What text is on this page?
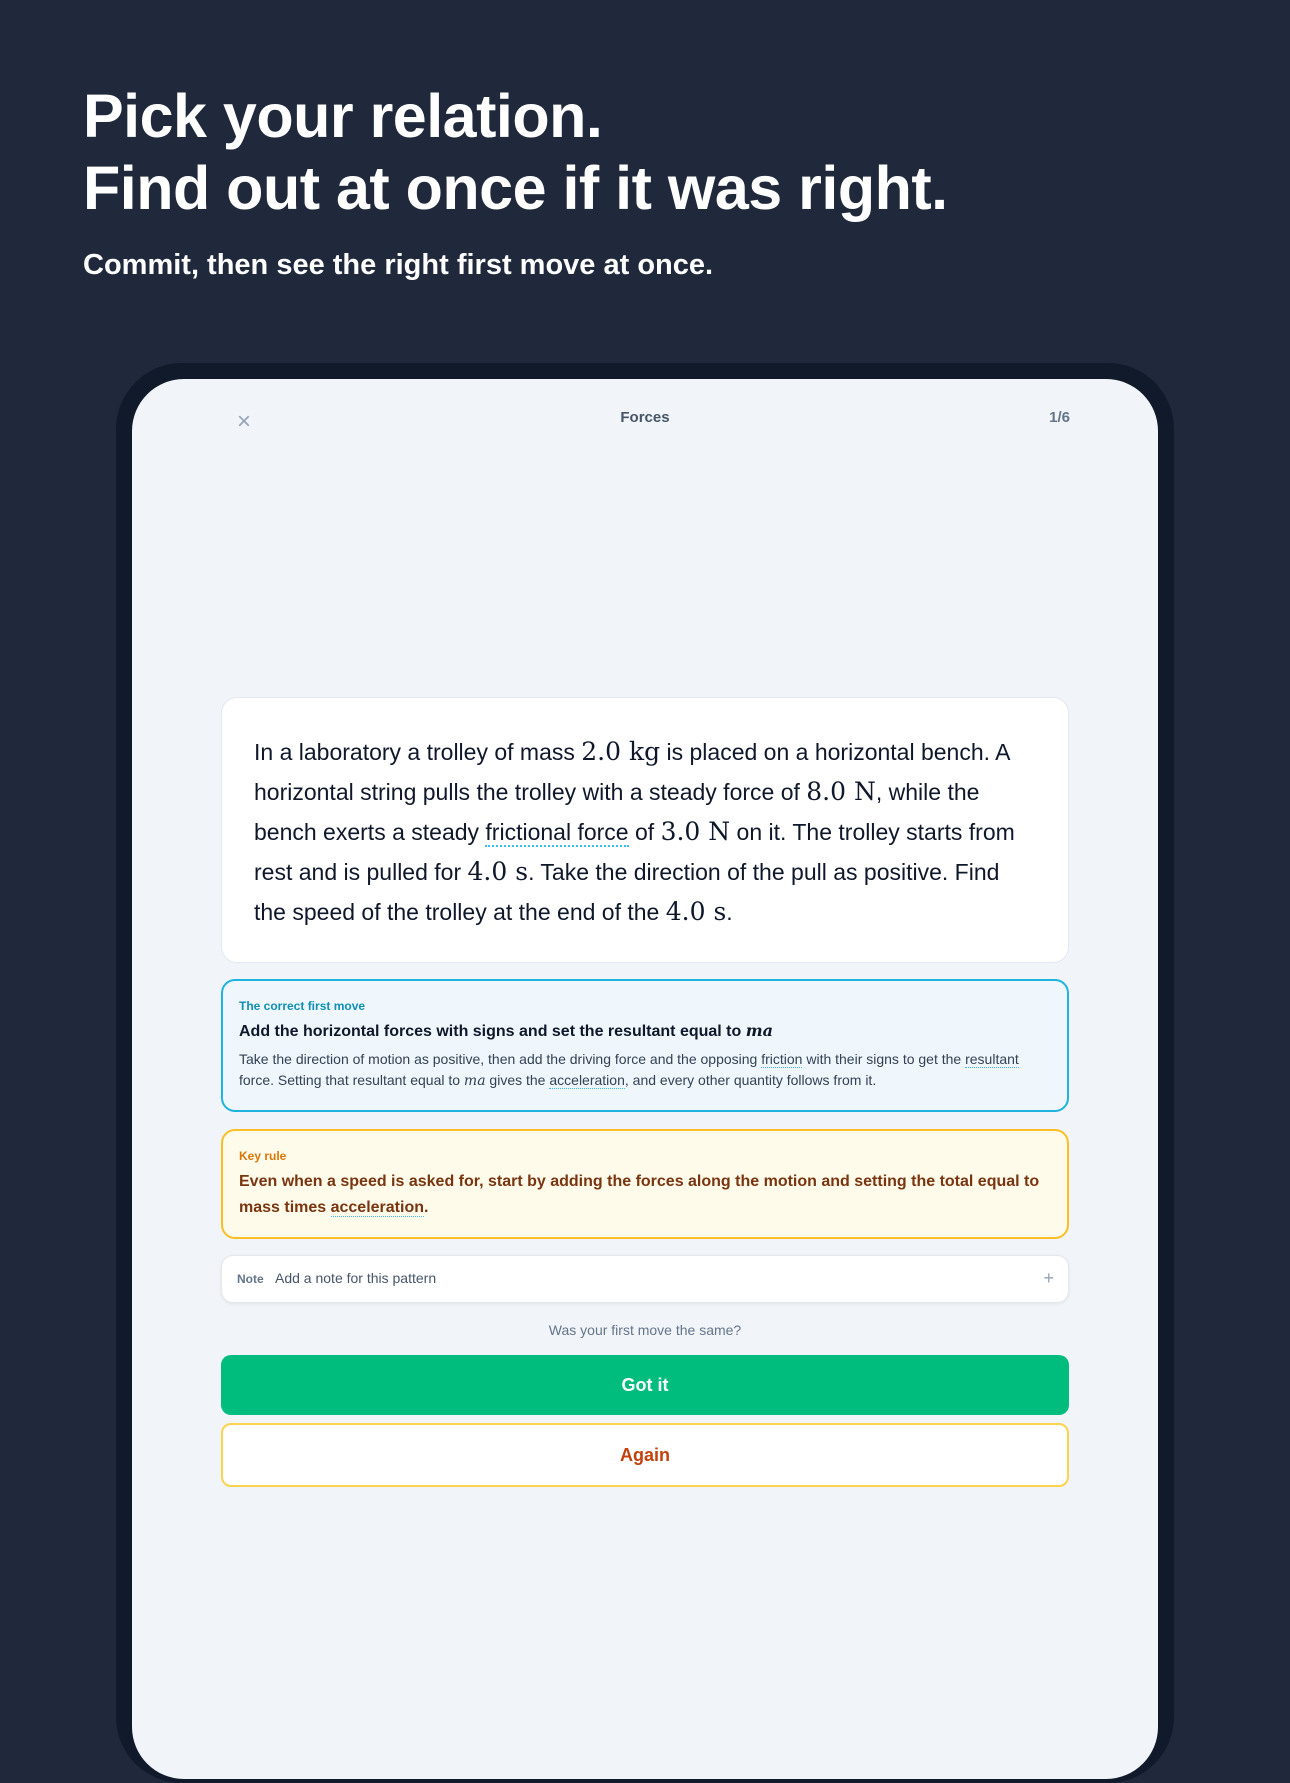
Pick your relation.
Find out at once if it was right.
Commit, then see the right first move at once.
×	Forces	1/6
In a laboratory a trolley of mass 2.0 kg is placed on a horizontal bench. A horizontal string pulls the trolley with a steady force of 8.0 N, while the bench exerts a steady frictional force of 3.0 N on it. The trolley starts from rest and is pulled for 4.0 s. Take the direction of the pull as positive. Find the speed of the trolley at the end of the 4.0 s.
The correct first move
Add the horizontal forces with signs and set the resultant equal to ma
Take the direction of motion as positive, then add the driving force and the opposing friction with their signs to get the resultant force. Setting that resultant equal to ma gives the acceleration, and every other quantity follows from it.
Key rule
Even when a speed is asked for, start by adding the forces along the motion and setting the total equal to mass times acceleration.
Note Add a note for this pattern	+
Was your first move the same?
Got it
Again
